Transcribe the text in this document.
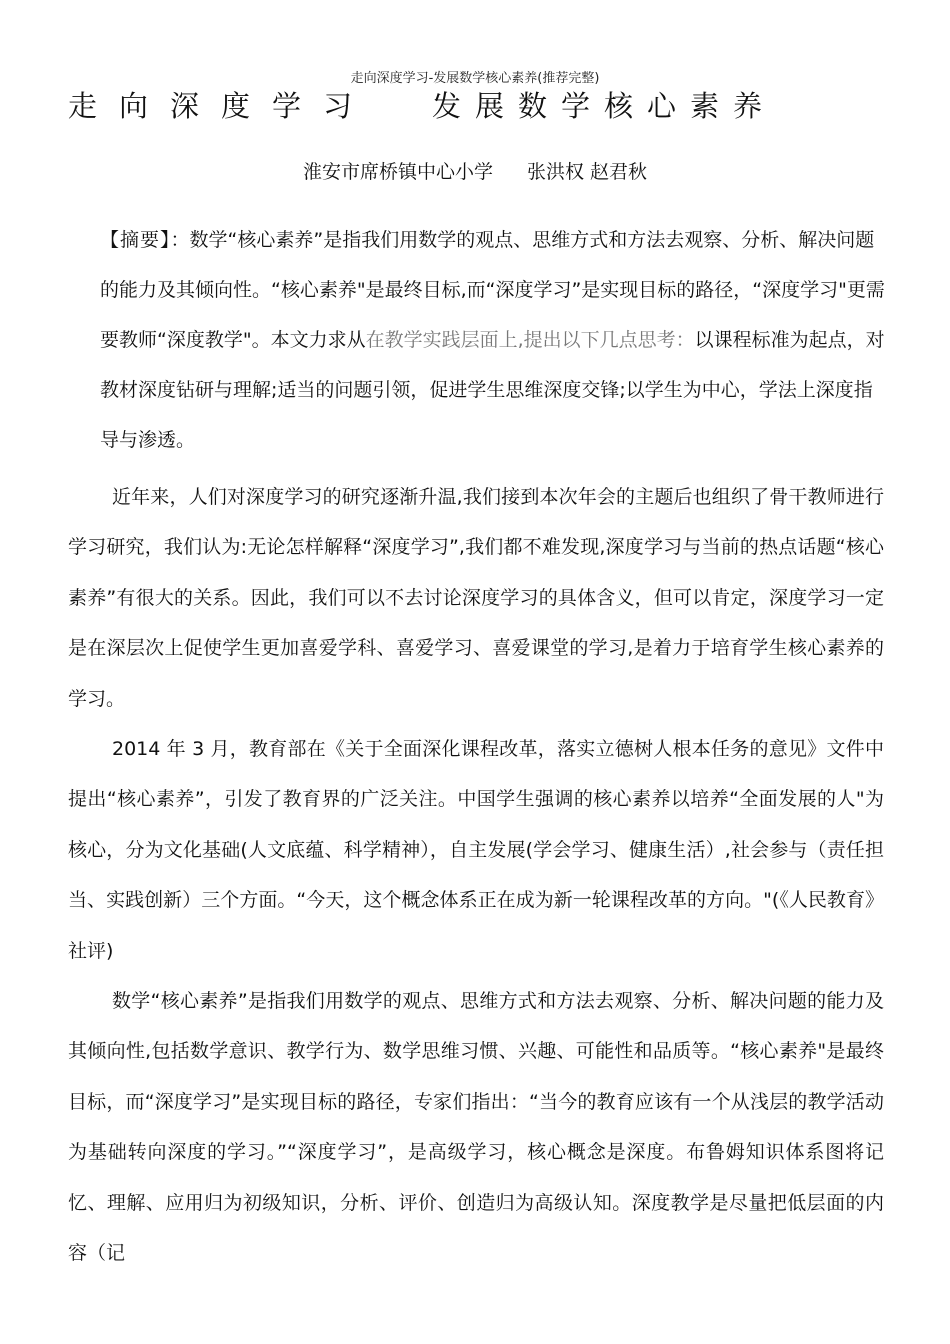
走向深度学习-发展数学核心素养(推荐完整)
走向深度学习 发展数学核心素养
淮安市席桥镇中心小学 张洪权 赵君秋
【摘要】：数学“核心素养”是指我们用数学的观点、思维方式和方法去观察、分析、解决问题的能力及其倾向性。“核心素养"是最终目标,而“深度学习”是实现目标的路径，“深度学习"更需要教师“深度教学"。本文力求从在教学实践层面上,提出以下几点思考：以课程标准为起点，对教材深度钻研与理解;适当的问题引领，促进学生思维深度交锋;以学生为中心，学法上深度指导与渗透。

近年来，人们对深度学习的研究逐渐升温,我们接到本次年会的主题后也组织了骨干教师进行学习研究，我们认为:无论怎样解释“深度学习”,我们都不难发现,深度学习与当前的热点话题“核心素养”有很大的关系。因此，我们可以不去讨论深度学习的具体含义，但可以肯定，深度学习一定是在深层次上促使学生更加喜爱学科、喜爱学习、喜爱课堂的学习,是着力于培育学生核心素养的学习。

2014 年 3 月，教育部在《关于全面深化课程改革，落实立德树人根本任务的意见》文件中提出“核心素养”，引发了教育界的广泛关注。中国学生强调的核心素养以培养“全面发展的人"为核心，分为文化基础(人文底蕴、科学精神），自主发展(学会学习、健康生活）,社会参与（责任担当、实践创新）三个方面。“今天，这个概念体系正在成为新一轮课程改革的方向。"(《人民教育》社评)

数学“核心素养”是指我们用数学的观点、思维方式和方法去观察、分析、解决问题的能力及其倾向性,包括数学意识、教学行为、数学思维习惯、兴趣、可能性和品质等。“核心素养"是最终目标，而“深度学习”是实现目标的路径，专家们指出：“当今的教育应该有一个从浅层的教学活动为基础转向深度的学习。”“深度学习”，是高级学习，核心概念是深度。布鲁姆知识体系图将记忆、理解、应用归为初级知识，分析、评价、创造归为高级认知。深度教学是尽量把低层面的内容（记
